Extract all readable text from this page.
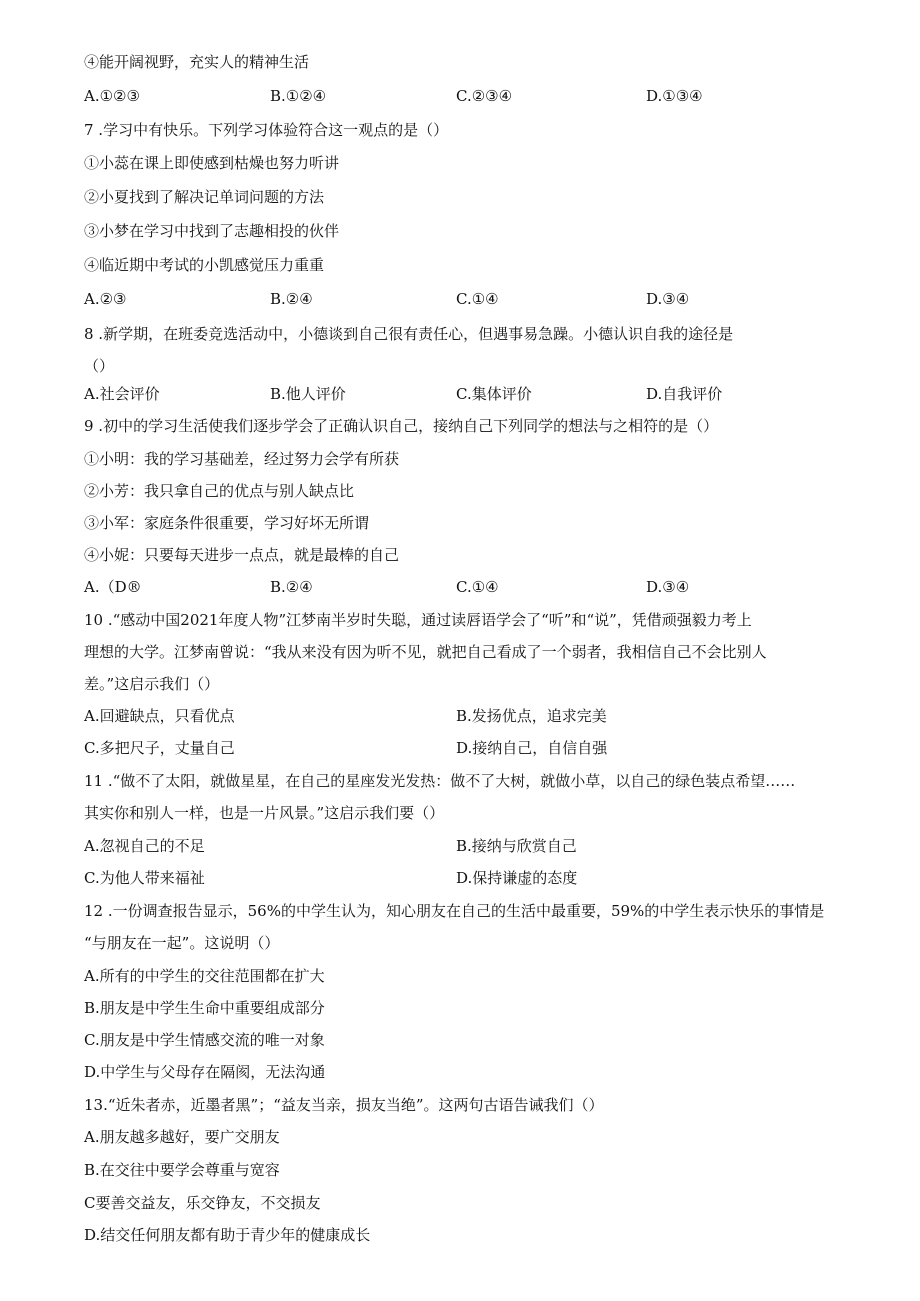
④能开阔视野，充实人的精神生活
A.①②③	B.①②④	C.②③④	D.①③④
7 .学习中有快乐。下列学习体验符合这一观点的是（）
①小蕊在课上即使感到枯燥也努力听讲
②小夏找到了解决记单词问题的方法
③小梦在学习中找到了志趣相投的伙伴
④临近期中考试的小凯感觉压力重重
A.②③	B.②④	C.①④	D.③④
8 .新学期，在班委竞选活动中，小德谈到自己很有责任心，但遇事易急躁。小德认识自我的途径是
（）
A.社会评价	B.他人评价	C.集体评价	D.自我评价
9 .初中的学习生活使我们逐步学会了正确认识自己，接纳自己下列同学的想法与之相符的是（）
①小明：我的学习基础差，经过努力会学有所获
②小芳：我只拿自己的优点与别人缺点比
③小军：家庭条件很重要，学习好坏无所谓
④小妮：只要每天进步一点点，就是最棒的自己
A.（D®	B.②④	C.①④	D.③④
10 .“感动中国2021年度人物”江梦南半岁时失聪，通过读唇语学会了“听”和“说”，凭借顽强毅力考上
理想的大学。江梦南曾说：“我从来没有因为听不见，就把自己看成了一个弱者，我相信自己不会比别人
差。”这启示我们（）
A.回避缺点，只看优点	B.发扬优点，追求完美
C.多把尺子，丈量自己	D.接纳自己，自信自强
11 .“做不了太阳，就做星星，在自己的星座发光发热：做不了大树，就做小草，以自己的绿色装点希望……
其实你和别人一样，也是一片风景。”这启示我们要（）
A.忽视自己的不足	B.接纳与欣赏自己
C.为他人带来福祉	D.保持谦虚的态度
12 .一份调查报告显示，56%的中学生认为，知心朋友在自己的生活中最重要，59%的中学生表示快乐的事情是
“与朋友在一起”。这说明（）
A.所有的中学生的交往范围都在扩大
B.朋友是中学生生命中重要组成部分
C.朋友是中学生情感交流的唯一对象
D.中学生与父母存在隔阂，无法沟通
13.“近朱者赤，近墨者黑”；“益友当亲，损友当绝”。这两句古语告诫我们（）
A.朋友越多越好，要广交朋友
B.在交往中要学会尊重与宽容
C要善交益友，乐交铮友，不交损友
D.结交任何朋友都有助于青少年的健康成长
